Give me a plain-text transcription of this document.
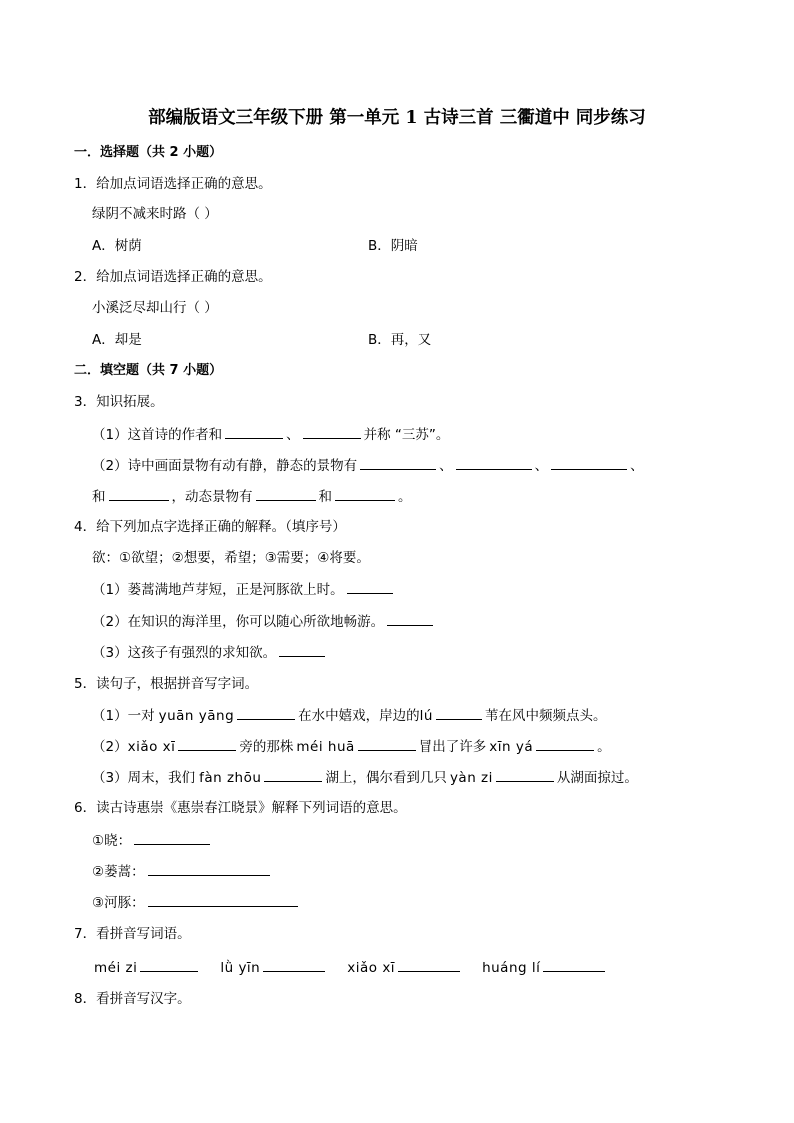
部编版语文三年级下册 第一单元 1 古诗三首 三衢道中 同步练习
一．选择题（共 2 小题）
1．给加点词语选择正确的意思。
绿阴不减来时路（ ）
A．树荫	B．阴暗
2．给加点词语选择正确的意思。
小溪泛尽却山行（ ）
A．却是	B．再，又
二．填空题（共 7 小题）
3．知识拓展。
（1）这首诗的作者和	、	并称 “三苏”。
（2）诗中画面景物有动有静，静态的景物有	、	、	、
和	，动态景物有	和	。
4．给下列加点字选择正确的解释。（填序号）
欲：①欲望；②想要，希望；③需要；④将要。
（1）蒌蒿满地芦芽短，正是河豚欲上时。
（2）在知识的海洋里，你可以随心所欲地畅游。
（3）这孩子有强烈的求知欲。
5．读句子，根据拼音写字词。
（1）一对 yuān yāng	在水中嬉戏，岸边的lú	苇在风中频频点头。
（2）xiǎo xī	旁的那株 méi huā	冒出了许多 xīn yá	。
（3）周末，我们 fàn zhōu	湖上，偶尔看到几只 yàn zi	从湖面掠过。
6．读古诗惠崇《惠崇春江晓景》解释下列词语的意思。
①晓：
②蒌蒿：
③河豚：
7．看拼音写词语。
méi zi	lǜ yīn	xiǎo xī	huáng lí
8．看拼音写汉字。
